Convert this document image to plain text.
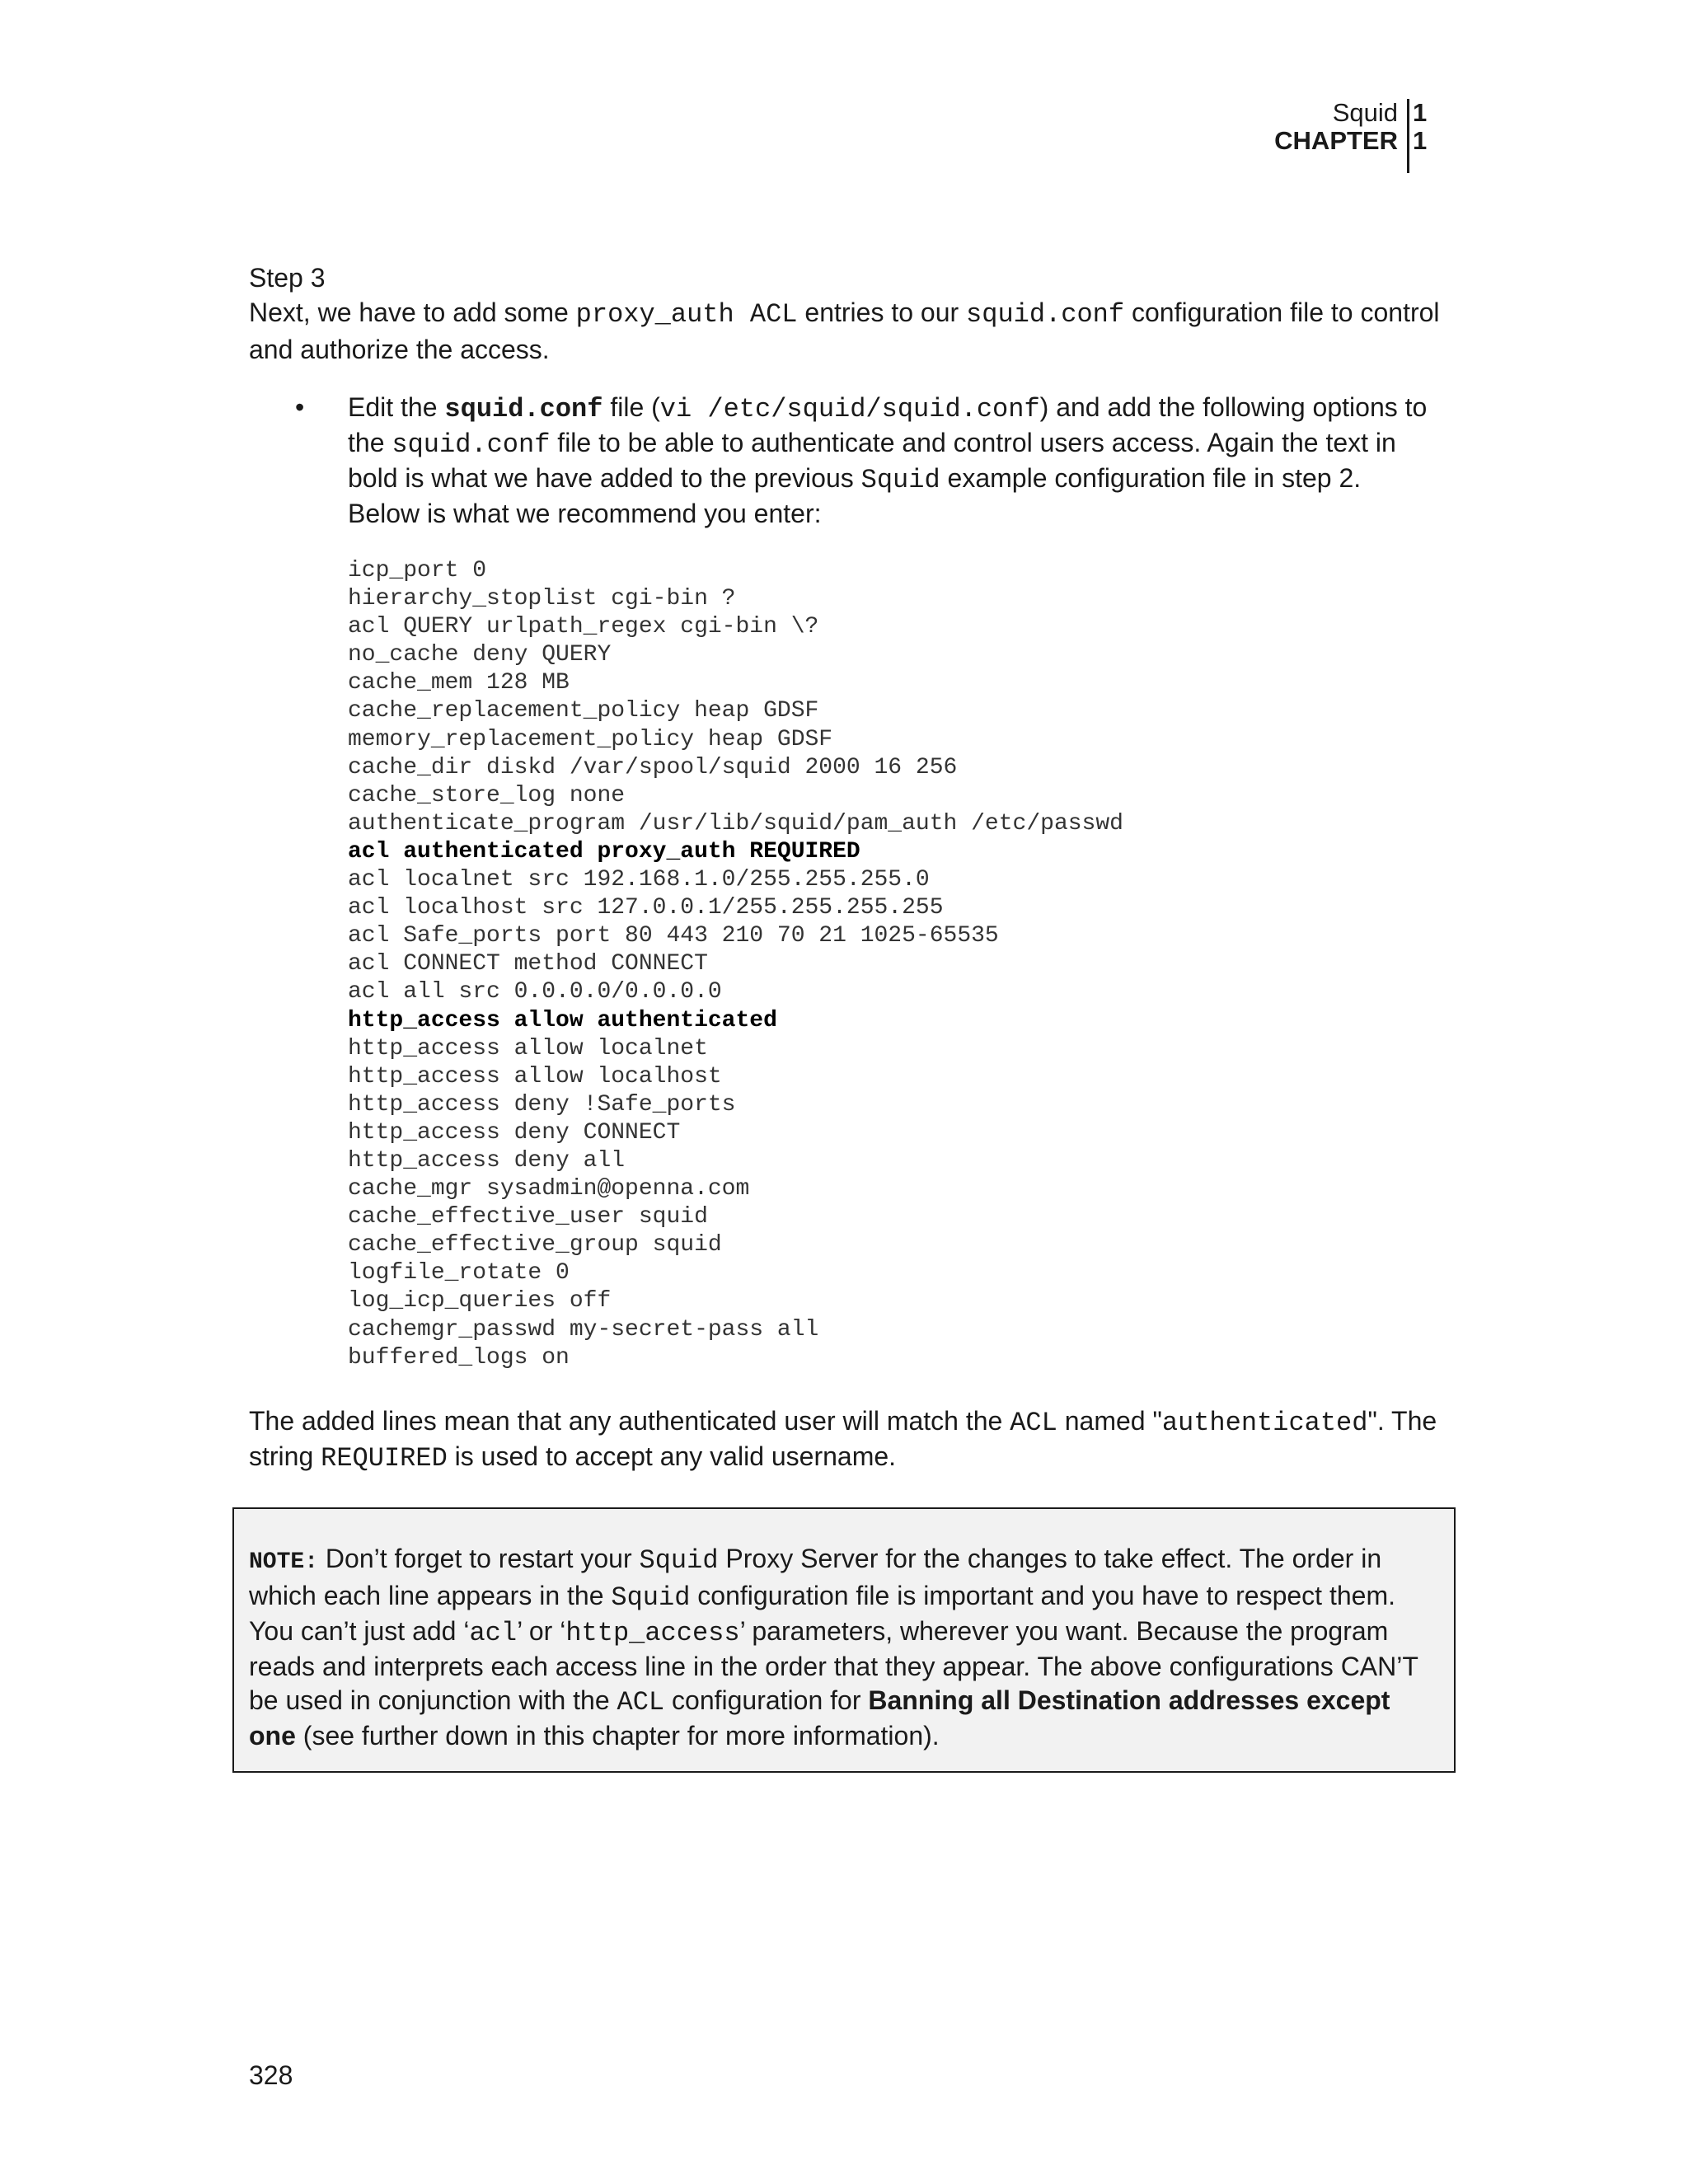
Squid 1
CHAPTER 1

Step 3

Next, we have to add some proxy_auth ACL entries to our squid.conf configuration file to control and authorize the access.

• Edit the squid.conf file (vi /etc/squid/squid.conf) and add the following options to the squid.conf file to be able to authenticate and control users access. Again the text in bold is what we have added to the previous Squid example configuration file in step 2. Below is what we recommend you enter:
icp_port 0
hierarchy_stoplist cgi-bin ?
acl QUERY urlpath_regex cgi-bin \?
no_cache deny QUERY
cache_mem 128 MB
cache_replacement_policy heap GDSF
memory_replacement_policy heap GDSF
cache_dir diskd /var/spool/squid 2000 16 256
cache_store_log none
authenticate_program /usr/lib/squid/pam_auth /etc/passwd
acl authenticated proxy_auth REQUIRED
acl localnet src 192.168.1.0/255.255.255.0
acl localhost src 127.0.0.1/255.255.255.255
acl Safe_ports port 80 443 210 70 21 1025-65535
acl CONNECT method CONNECT
acl all src 0.0.0.0/0.0.0.0
http_access allow authenticated
http_access allow localnet
http_access allow localhost
http_access deny !Safe_ports
http_access deny CONNECT
http_access deny all
cache_mgr sysadmin@openna.com
cache_effective_user squid
cache_effective_group squid
logfile_rotate 0
log_icp_queries off
cachemgr_passwd my-secret-pass all
buffered_logs on

The added lines mean that any authenticated user will match the ACL named "authenticated". The string REQUIRED is used to accept any valid username.

NOTE: Don’t forget to restart your Squid Proxy Server for the changes to take effect. The order in which each line appears in the Squid configuration file is important and you have to respect them. You can’t just add ‘acl’ or ‘http_access’ parameters, wherever you want. Because the program reads and interprets each access line in the order that they appear. The above configurations CAN’T be used in conjunction with the ACL configuration for Banning all Destination addresses except one (see further down in this chapter for more information).

328
